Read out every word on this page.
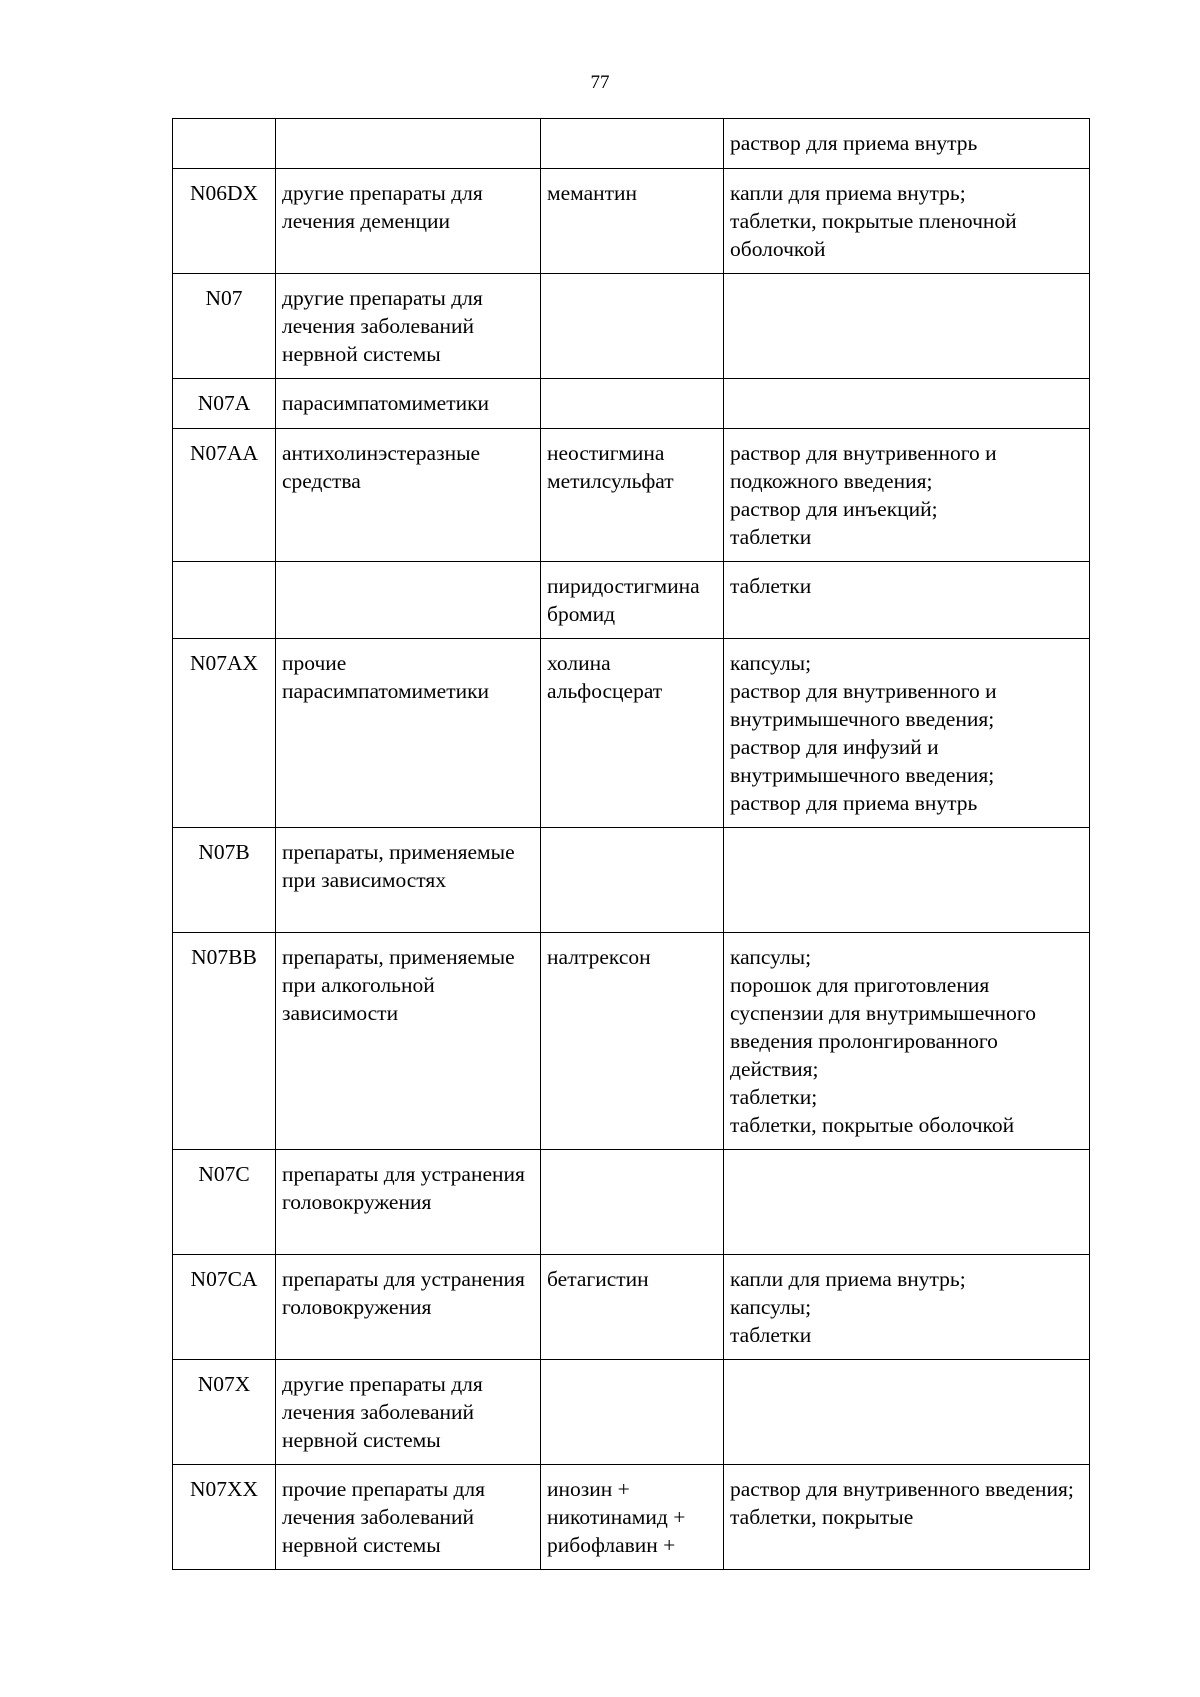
77

			раствор для приема внутрь

N06DX	другие препараты для лечения деменции	мемантин	капли для приема внутрь;
таблетки, покрытые пленочной оболочкой

N07	другие препараты для лечения заболеваний нервной системы		
N07A	парасимпатомиметики		
N07AA	антихолинэстеразные средства	неостигмина метилсульфат	раствор для внутривенного и подкожного введения;
раствор для инъекций;
таблетки

		пиридостигмина бромид	таблетки

N07AX	прочие парасимпатомиметики	холина альфосцерат	капсулы;
раствор для внутривенного и внутримышечного введения;
раствор для инфузий и внутримышечного введения;
раствор для приема внутрь

N07B	препараты, применяемые при зависимостях		
N07BB	препараты, применяемые при алкогольной зависимости	налтрексон	капсулы;
порошок для приготовления суспензии для внутримышечного введения пролонгированного действия;
таблетки;
таблетки, покрытые оболочкой

N07C	препараты для устранения головокружения		
N07CA	препараты для устранения головокружения	бетагистин	капли для приема внутрь;
капсулы;
таблетки

N07X	другие препараты для лечения заболеваний нервной системы		
N07XX	прочие препараты для лечения заболеваний нервной системы	инозин + никотинамид + рибофлавин +	раствор для внутривенного введения;
таблетки, покрытые
